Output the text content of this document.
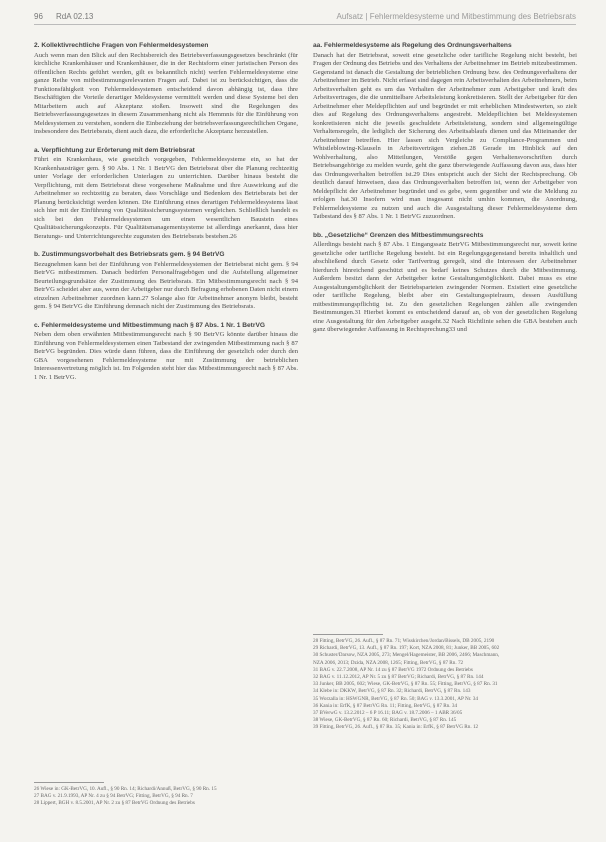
96 RdA 02.13	Aufsatz | Fehlermeldesysteme und Mitbestimmung des Betriebsrats
2. Kollektivrechtliche Fragen von Fehlermeldesystemen

Auch wenn man den Blick auf den Rechtsbereich des Betriebsverfassungsgesetzes beschränkt (für kirchliche Krankenhäuser und Krankenhäuser, die in der Rechtsform einer juristischen Person des öffentlichen Rechts geführt werden, gilt es bekanntlich nicht) werfen Fehlermeldesysteme eine ganze Reihe von mitbestimmungsrelevanten Fragen auf. Dabei ist zu berücksichtigen, dass die Funktionsfähigkeit von Fehlermeldesystemen entscheidend davon abhängig ist, dass ihre Beschäftigten die Vorteile derartiger Meldesysteme vermittelt werden und diese Systeme bei den Mitarbeitern auch auf Akzeptanz stoßen. Insoweit sind die Regelungen des Betriebsverfassungsgesetzes in diesem Zusammenhang nicht als Hemmnis für die Einführung von Meldesystemen zu verstehen, sondern die Einbeziehung der betriebsverfassungsrechtlichen Organe, insbesondere des Betriebsrats, dient auch dazu, die erforderliche Akzeptanz herzustellen.

a. Verpflichtung zur Erörterung mit dem Betriebsrat

Führt ein Krankenhaus, wie gesetzlich vorgegeben, Fehlermeldesysteme ein, so hat der Krankenhausträger gem. § 90 Abs. 1 Nr. 1 BetrVG den Betriebsrat über die Planung rechtzeitig unter Vorlage der erforderlichen Unterlagen zu unterrichten. Darüber hinaus besteht die Verpflichtung, mit dem Betriebsrat diese vorgesehene Maßnahme und ihre Auswirkung auf die Arbeitnehmer so rechtzeitig zu beraten, dass Vorschläge und Bedenken des Betriebsrats bei der Planung berücksichtigt werden können. Die Einführung eines derartigen Fehlermeldesystems lässt sich hier mit der Einführung von Qualitätssicherungssystemen vergleichen. Schließlich handelt es sich bei den Fehlermeldesystemen um einen wesentlichen Baustein eines Qualitätssicherungskonzepts. Für Qualitätsmanagementsysteme ist allerdings anerkannt, dass hier Beratungs- und Unterrichtungsrechte zugunsten des Betriebsrats bestehen.26

b. Zustimmungsvorbehalt des Betriebsrats gem. § 94 BetrVG

Bezugnehmen kann bei der Einführung von Fehlermeldesystemen der Betriebsrat nicht gem. § 94 BetrVG mitbestimmen. Danach bedürfen Personalfragebögen und die Aufstellung allgemeiner Beurteilungsgrundsätze der Zustimmung des Betriebsrats. Ein Mitbestimmungsrecht nach § 94 BetrVG scheidet aber aus, wenn der Arbeitgeber nur durch Befragung erhobenen Daten nicht einem einzelnen Arbeitnehmer zuordnen kann.27 Solange also für Arbeitnehmer anonym bleibt, besteht gem. § 94 BetrVG die Einführung demnach nicht der Zustimmung des Betriebsrats.

c. Fehlermeldesysteme und Mitbestimmung nach § 87 Abs. 1 Nr. 1 BetrVG

Neben dem oben erwähnten Mitbestimmungsrecht nach § 90 BetrVG könnte darüber hinaus die Einführung von Fehlermeldesystemen einen Tatbestand der zwingenden Mitbestimmung nach § 87 BetrVG begründen. Dies würde dann führen, dass die Einführung der gesetzlich oder durch den GBA vorgesehenen Fehlermeldesysteme nur mit Zustimmung der betrieblichen Interessenvertretung möglich ist. Im Folgenden steht hier das Mitbestimmungsrecht nach § 87 Abs. 1 Nr. 1 BetrVG.

aa. Fehlermeldesysteme als Regelung des Ordnungsverhaltens

Danach hat der Betriebsrat, soweit eine gesetzliche oder tarifliche Regelung nicht besteht, bei Fragen der Ordnung des Betriebs und des Verhaltens der Arbeitnehmer im Betrieb mitzubestimmen. Gegenstand ist danach die Gestaltung der betrieblichen Ordnung bzw. des Ordnungsverhaltens der Arbeitnehmer im Betrieb. Nicht erfasst sind dagegen rein Arbeitsverhalten des Arbeitnehmers, beim Arbeitsverhalten geht es um das Verhalten der Arbeitnehmer zum Arbeitgeber und kraft des Arbeitsvertrages, die die unmittelbare Arbeitsleistung konkretisieren. Stellt der Arbeitgeber für den Arbeitnehmer eher Meldepflichten auf und begründet er mit erheblichen Mindestwerten, so zielt dies auf Regelung des Ordnungsverhaltens angestrebt. Meldepflichten bei Meldesystemen konkretisieren nicht die jeweils geschuldete Arbeitsleistung, sondern sind allgemeingültige Verhaltensregeln, die lediglich der Sicherung des Arbeitsablaufs dienen und das Miteinander der Arbeitnehmer betreffen. Hier lassen sich Vergleiche zu Compliance-Programmen und Whistleblowing-Klauseln in Arbeitsverträgen ziehen.28 Gerade im Hinblick auf den Wohlverhaltung, also Mitteilungen, Verstöße gegen Verhaltensvorschriften durch Betriebsangehörige zu melden wurde, geht die ganz überwiegende Auffassung davon aus, dass hier das Ordnungsverhalten betroffen ist.29 Dies entspricht auch der Sicht der Rechtsprechung. Ob deutlich darauf hinweisen, dass das Ordnungsverhalten betroffen ist, wenn der Arbeitgeber von Meldepflicht der Arbeitnehmer begründet und es gebe, wem gegenüber und wie die Meldung zu erfolgen hat.30 Insofern wird man insgesamt nicht umhin kommen, die Anordnung, Fehlermeldesysteme zu nutzen und auch die Ausgestaltung dieser Fehlermeldesysteme dem Tatbestand des § 87 Abs. 1 Nr. 1 BetrVG zuzuordnen.

bb. „Gesetzliche“ Grenzen des Mitbestimmungsrechts

Allerdings besteht nach § 87 Abs. 1 Eingangssatz BetrVG Mitbestimmungsrecht nur, soweit keine gesetzliche oder tarifliche Regelung besteht. Ist ein Regelungsgegenstand bereits inhaltlich und abschließend durch Gesetz oder Tarifvertrag geregelt, sind die Interessen der Arbeitnehmer hierdurch hinreichend geschützt und es bedarf keines Schutzes durch die Mitbestimmung. Außerdem besitzt dann der Arbeitgeber keine Gestaltungsmöglichkeit. Dabei muss es eine Ausgestaltungsmöglichkeit der Betriebsparteien zwingender Normen. Existiert eine gesetzliche oder tarifliche Regelung, bleibt aber ein Gestaltungsspielraum, dessen Ausfüllung mitbestimmungspflichtig ist. Zu den gesetzlichen Regelungen zählen alle zwingenden Bestimmungen.31 Hierbei kommt es entscheidend darauf an, ob von der gesetzlichen Regelung eine Ausgestaltung für den Arbeitgeber ausgeht.32 Nach Richtlinie sehen die GBA bestehen auch ganz überwiegender Auffassung in Rechtsprechung33 und

28 Fitting, BetrVG, 26. Aufl., § 87 Rn. 71; Wisskirchen/Jordan/Bissels, DB 2005, 2190
29 Richardi, BetrVG, 13. Aufl., § 87 Rn. 197; Kort, NZA 2008, 81; Junker, BB 2005, 602
30 Schuster/Darsow, NZA 2005, 273; Mengel/Hagemeister, BB 2006, 2466; Maschmann,
NZA 2006, 2013; Dzida, NZA 2008, 1265; Fitting, BetrVG, § 87 Rn. 72
31 BAG v. 22.7.2008, AP Nr. 14 zu § 87 BetrVG 1972 Ordnung des Betriebs
32 BAG v. 11.12.2012, AP Nr. 5 zu § 87 BetrVG; Richardi, BetrVG, § 87 Rn. 144
33 Junker, BB 2005, 602; Wiese, GK-BetrVG, § 87 Rn. 55; Fitting, BetrVG, § 87 Rn. 31
34 Klebe in: DKKW, BetrVG, § 87 Rn. 32; Richardi, BetrVG, § 87 Rn. 143
35 Worzalla in: HSWGNR, BetrVG, § 87 Rn. 50; BAG v. 13.3.2001, AP Nr. 34
36 Kania in: ErfK, § 87 BetrVG Rn. 11; Fitting, BetrVG, § 87 Rn. 34
37 BVerwG v. 13.2.2012 – 6 P 16.11; BAG v. 18.7.2006 – 1 ABR 36/05
38 Wiese, GK-BetrVG, § 87 Rn. 60; Richardi, BetrVG, § 87 Rn. 145
39 Fitting, BetrVG, 26. Aufl., § 87 Rn. 35; Kania in: ErfK, § 87 BetrVG Rn. 12
26 Wiese in: GK-BetrVG, 10. Aufl., § 90 Rn. 14; Richardi/Annuß, BetrVG, § 90 Rn. 15
27 BAG v. 21.9.1993, AP Nr. 4 zu § 94 BetrVG; Fitting, BetrVG, § 94 Rn. 7
28 Lippert, BGH v. 8.5.2001, AP Nr. 2 zu § 87 BetrVG Ordnung des Betriebs
